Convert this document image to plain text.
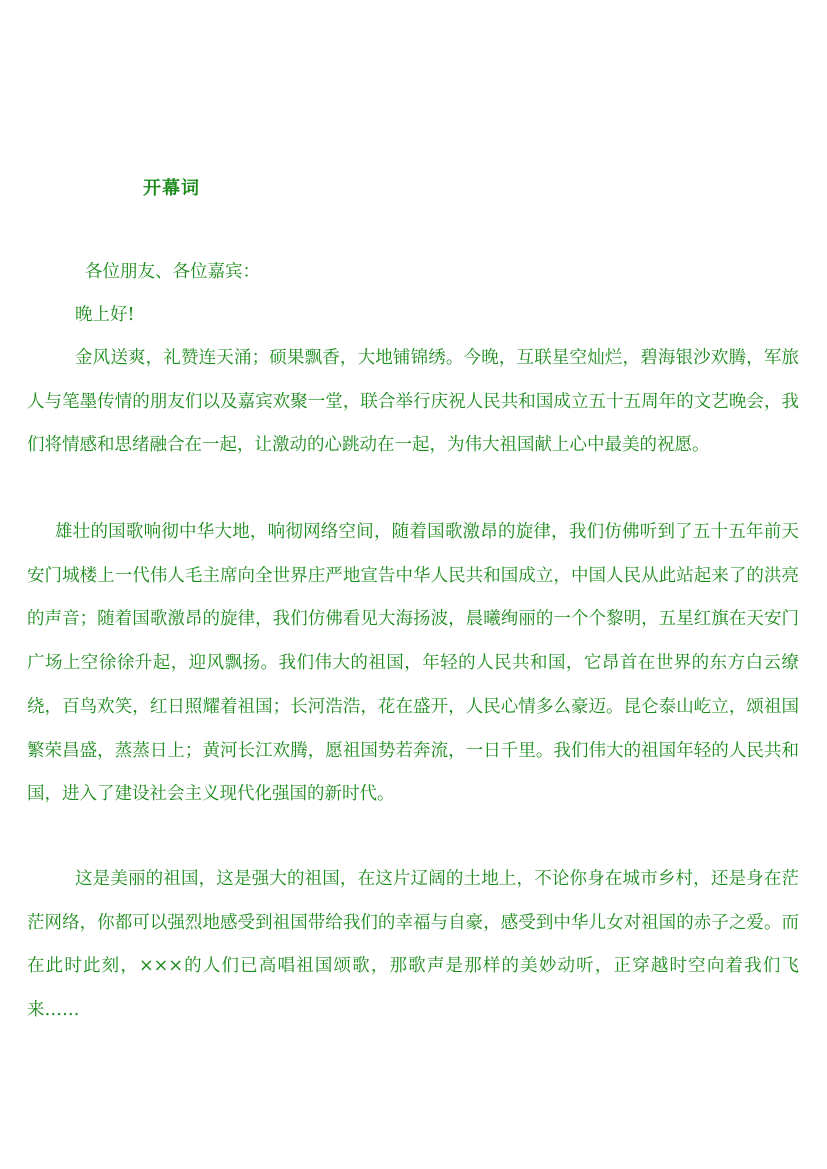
开幕词

各位朋友、各位嘉宾：

晚上好!

金风送爽，礼赞连天涌；硕果飘香，大地铺锦绣。今晚，互联星空灿烂，碧海银沙欢腾，军旅人与笔墨传情的朋友们以及嘉宾欢聚一堂，联合举行庆祝人民共和国成立五十五周年的文艺晚会，我们将情感和思绪融合在一起，让激动的心跳动在一起，为伟大祖国献上心中最美的祝愿。

雄壮的国歌响彻中华大地，响彻网络空间，随着国歌激昂的旋律，我们仿佛听到了五十五年前天安门城楼上一代伟人毛主席向全世界庄严地宣告中华人民共和国成立，中国人民从此站起来了的洪亮的声音；随着国歌激昂的旋律，我们仿佛看见大海扬波，晨曦绚丽的一个个黎明，五星红旗在天安门广场上空徐徐升起，迎风飘扬。我们伟大的祖国，年轻的人民共和国，它昂首在世界的东方白云缭绕，百鸟欢笑，红日照耀着祖国；长河浩浩，花在盛开，人民心情多么豪迈。昆仑泰山屹立，颂祖国繁荣昌盛，蒸蒸日上；黄河长江欢腾，愿祖国势若奔流，一日千里。我们伟大的祖国年轻的人民共和国，进入了建设社会主义现代化强国的新时代。

这是美丽的祖国，这是强大的祖国，在这片辽阔的土地上，不论你身在城市乡村，还是身在茫茫网络，你都可以强烈地感受到祖国带给我们的幸福与自豪，感受到中华儿女对祖国的赤子之爱。而在此时此刻，×××的人们已高唱祖国颂歌，那歌声是那样的美妙动听，正穿越时空向着我们飞来……
